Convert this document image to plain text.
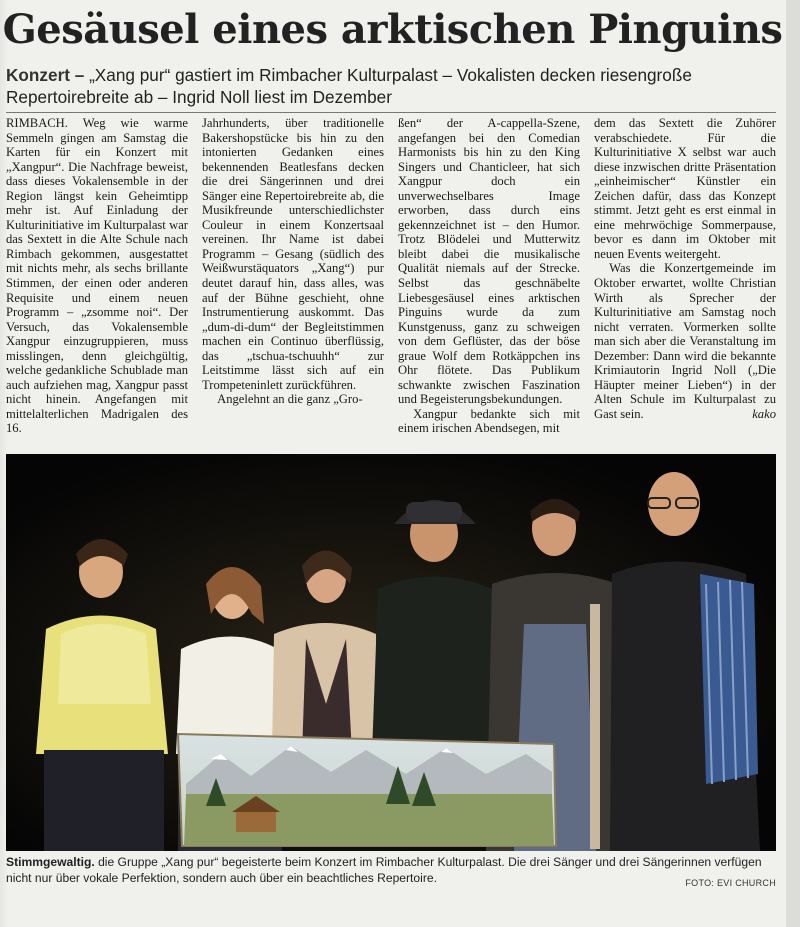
Gesäusel eines arktischen Pinguins
Konzert – „Xang pur“ gastiert im Rimbacher Kulturpalast – Vokalisten decken riesengroße Repertoirebreite ab – Ingrid Noll liest im Dezember

RIMBACH. Weg wie warme Semmeln gingen am Samstag die Karten für ein Konzert mit „Xangpur“. Die Nachfrage beweist, dass dieses Vokalensemble in der Region längst kein Geheimtipp mehr ist. Auf Einladung der Kulturinitiative im Kulturpalast war das Sextett in die Alte Schule nach Rimbach gekommen, ausgestattet mit nichts mehr, als sechs brillante Stimmen, der einen oder anderen Requisite und einem neuen Programm – „zsomme noi“. Der Versuch, das Vokalensemble Xangpur einzugruppieren, muss misslingen, denn gleichgültig, welche gedankliche Schublade man auch aufziehen mag, Xangpur passt nicht hinein. Angefangen mit mittelalterlichen Madrigalen des 16.

Jahrhunderts, über traditionelle Bakershopstücke bis hin zu den intonierten Gedanken eines bekennenden Beatlesfans decken die drei Sängerinnen und drei Sänger eine Repertoirebreite ab, die Musikfreunde unterschiedlichster Couleur in einem Konzertsaal vereinen. Ihr Name ist dabei Programm – Gesang (südlich des Weißwurstäquators „Xang“) pur deutet darauf hin, dass alles, was auf der Bühne geschieht, ohne Instrumentierung auskommt. Das „dum-di-dum“ der Begleitstimmen machen ein Continuo überflüssig, das „tschua-tschuuhh“ zur Leitstimme lässt sich auf ein Trompeteninlett zurückführen.

Angelehnt an die ganz „Gro-

ßen“ der A-cappella-Szene, angefangen bei den Comedian Harmonists bis hin zu den King Singers und Chanticleer, hat sich Xangpur doch ein unverwechselbares Image erworben, dass durch eins gekennzeichnet ist – den Humor. Trotz Blödelei und Mutterwitz bleibt dabei die musikalische Qualität niemals auf der Strecke. Selbst das geschnäbelte Liebesgesäusel eines arktischen Pinguins wurde da zum Kunstgenuss, ganz zu schweigen von dem Geflüster, das der böse graue Wolf dem Rotkäppchen ins Ohr flötete. Das Publikum schwankte zwischen Faszination und Begeisterungsbekundungen.

Xangpur bedankte sich mit einem irischen Abendsegen, mit

dem das Sextett die Zuhörer verabschiedete. Für die Kulturinitiative X selbst war auch diese inzwischen dritte Präsentation „einheimischer“ Künstler ein Zeichen dafür, dass das Konzept stimmt. Jetzt geht es erst einmal in eine mehrwöchige Sommerpause, bevor es dann im Oktober mit neuen Events weitergeht.

Was die Konzertgemeinde im Oktober erwartet, wollte Christian Wirth als Sprecher der Kulturinitiative am Samstag noch nicht verraten. Vormerken sollte man sich aber die Veranstaltung im Dezember: Dann wird die bekannte Krimiautorin Ingrid Noll („Die Häupter meiner Lieben“) in der Alten Schule im Kulturpalast zu Gast sein.	kako

Stimmgewaltig. die Gruppe „Xang pur“ begeisterte beim Konzert im Rimbacher Kulturpalast. Die drei Sänger und drei Sängerinnen verfügen nicht nur über vokale Perfektion, sondern auch über ein beachtliches Repertoire.	FOTO: EVI CHURCH
